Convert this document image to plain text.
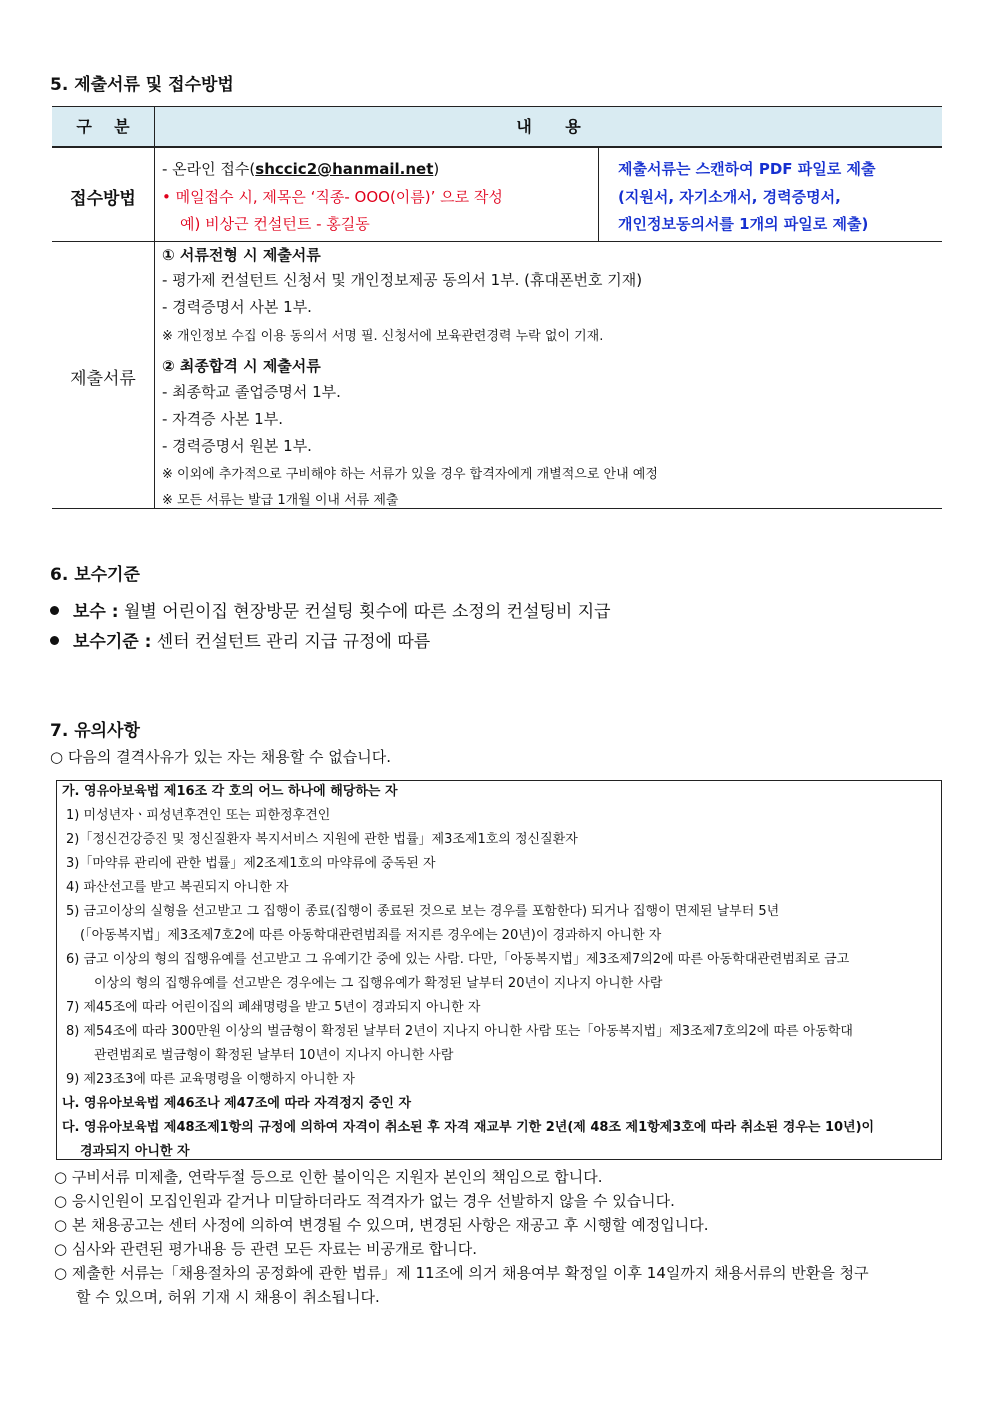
5. 제출서류 및 접수방법
구    분	내      용
접수방법
- 온라인 접수(shccic2@hanmail.net)
• 메일접수 시, 제목은 ‘직종- OOO(이름)’ 으로 작성
예) 비상근 컨설턴트 - 홍길동
제출서류는 스캔하여 PDF 파일로 제출
(지원서, 자기소개서, 경력증명서,
개인정보동의서를 1개의 파일로 제출)
제출서류
① 서류전형 시 제출서류
- 평가제 컨설턴트 신청서 및 개인정보제공 동의서 1부. (휴대폰번호 기재)
- 경력증명서 사본 1부.
※ 개인정보 수집 이용 동의서 서명 필. 신청서에 보육관련경력 누락 없이 기재.
② 최종합격 시 제출서류
- 최종학교 졸업증명서 1부.
- 자격증 사본 1부.
- 경력증명서 원본 1부.
※ 이외에 추가적으로 구비해야 하는 서류가 있을 경우 합격자에게 개별적으로 안내 예정
※ 모든 서류는 발급 1개월 이내 서류 제출
6. 보수기준
보수 : 월별 어린이집 현장방문 컨설팅 횟수에 따른 소정의 컨설팅비 지급
보수기준 : 센터 컨설턴트 관리 지급 규정에 따름
7. 유의사항
○ 다음의 결격사유가 있는 자는 채용할 수 없습니다.
가. 영유아보육법 제16조 각 호의 어느 하나에 해당하는 자
1) 미성년자ㆍ피성년후견인 또는 피한정후견인
2)「정신건강증진 및 정신질환자 복지서비스 지원에 관한 법률」제3조제1호의 정신질환자
3)「마약류 관리에 관한 법률」제2조제1호의 마약류에 중독된 자
4) 파산선고를 받고 복권되지 아니한 자
5) 금고이상의 실형을 선고받고 그 집행이 종료(집행이 종료된 것으로 보는 경우를 포함한다) 되거나 집행이 면제된 날부터 5년
(「아동복지법」제3조제7호2에 따른 아동학대관련범죄를 저지른 경우에는 20년)이 경과하지 아니한 자
6) 금고 이상의 형의 집행유예를 선고받고 그 유예기간 중에 있는 사람. 다만,「아동복지법」제3조제7의2에 따른 아동학대관련범죄로 금고
이상의 형의 집행유예를 선고받은 경우에는 그 집행유예가 확정된 날부터 20년이 지나지 아니한 사람
7) 제45조에 따라 어린이집의 폐쇄명령을 받고 5년이 경과되지 아니한 자
8) 제54조에 따라 300만원 이상의 벌금형이 확정된 날부터 2년이 지나지 아니한 사람 또는「아동복지법」제3조제7호의2에 따른 아동학대
관련범죄로 벌금형이 확정된 날부터 10년이 지나지 아니한 사람
9) 제23조3에 따른 교육명령을 이행하지 아니한 자
나. 영유아보육법 제46조나 제47조에 따라 자격정지 중인 자
다. 영유아보육법 제48조제1항의 규정에 의하여 자격이 취소된 후 자격 재교부 기한 2년(제 48조 제1항제3호에 따라 취소된 경우는 10년)이
경과되지 아니한 자
○ 구비서류 미제출, 연락두절 등으로 인한 불이익은 지원자 본인의 책임으로 합니다.
○ 응시인원이 모집인원과 같거나 미달하더라도 적격자가 없는 경우 선발하지 않을 수 있습니다.
○ 본 채용공고는 센터 사정에 의하여 변경될 수 있으며, 변경된 사항은 재공고 후 시행할 예정입니다.
○ 심사와 관련된 평가내용 등 관련 모든 자료는 비공개로 합니다.
○ 제출한 서류는「채용절차의 공정화에 관한 법류」제 11조에 의거 채용여부 확정일 이후 14일까지 채용서류의 반환을 청구
할 수 있으며, 허위 기재 시 채용이 취소됩니다.
